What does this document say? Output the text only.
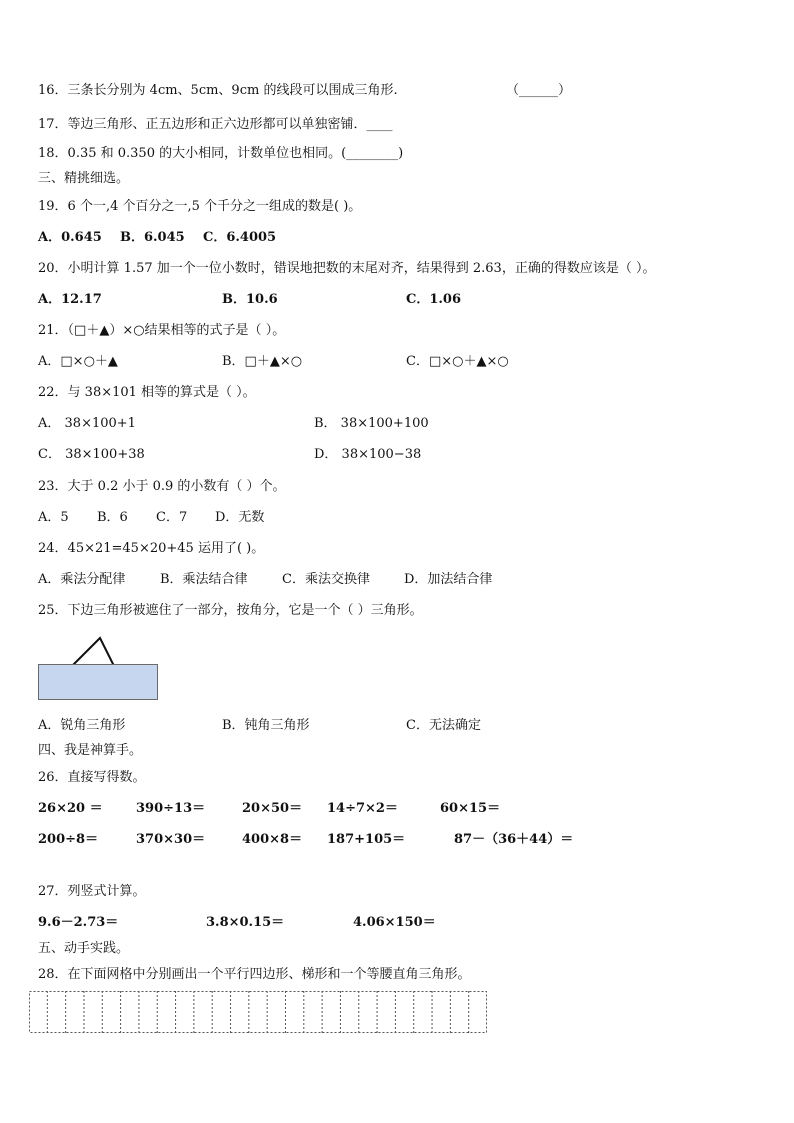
16．三条长分别为 4cm、5cm、9cm 的线段可以围成三角形.	（______）
17．等边三角形、正五边形和正六边形都可以单独密铺．____
18．0.35 和 0.350 的大小相同，计数单位也相同。(________)
三、精挑细选。
19．6 个一,4 个百分之一,5 个千分之一组成的数是( )。
A．0.645 B．6.045 C．6.4005
20．小明计算 1.57 加一个一位小数时，错误地把数的末尾对齐，结果得到 2.63，正确的得数应该是（ ）。
A．12.17	B．10.6	C．1.06
21．（□＋▲）×○结果相等的式子是（ ）。
A．□×○＋▲	B．□＋▲×○	C．□×○＋▲×○
22．与 38×101 相等的算式是（ ）。
A． 38×100+1	B． 38×100+100
C． 38×100+38	D． 38×100−38
23．大于 0.2 小于 0.9 的小数有（ ）个。
A．5 B．6 C．7 D．无数
24．45×21=45×20+45 运用了( )。
A．乘法分配律	B．乘法结合律	C．乘法交换律	D．加法结合律
25．下边三角形被遮住了一部分，按角分，它是一个（ ）三角形。
A．锐角三角形	B．钝角三角形	C．无法确定
四、我是神算手。
26．直接写得数。
26×20 ＝	390÷13＝	20×50＝ 14÷7×2＝	60×15＝
200÷8＝	370×30＝	400×8＝ 187+105＝	87－（36＋44）＝
27．列竖式计算。
9.6－2.73＝	3.8×0.15＝	4.06×150＝
五、动手实践。
28．在下面网格中分别画出一个平行四边形、梯形和一个等腰直角三角形。
